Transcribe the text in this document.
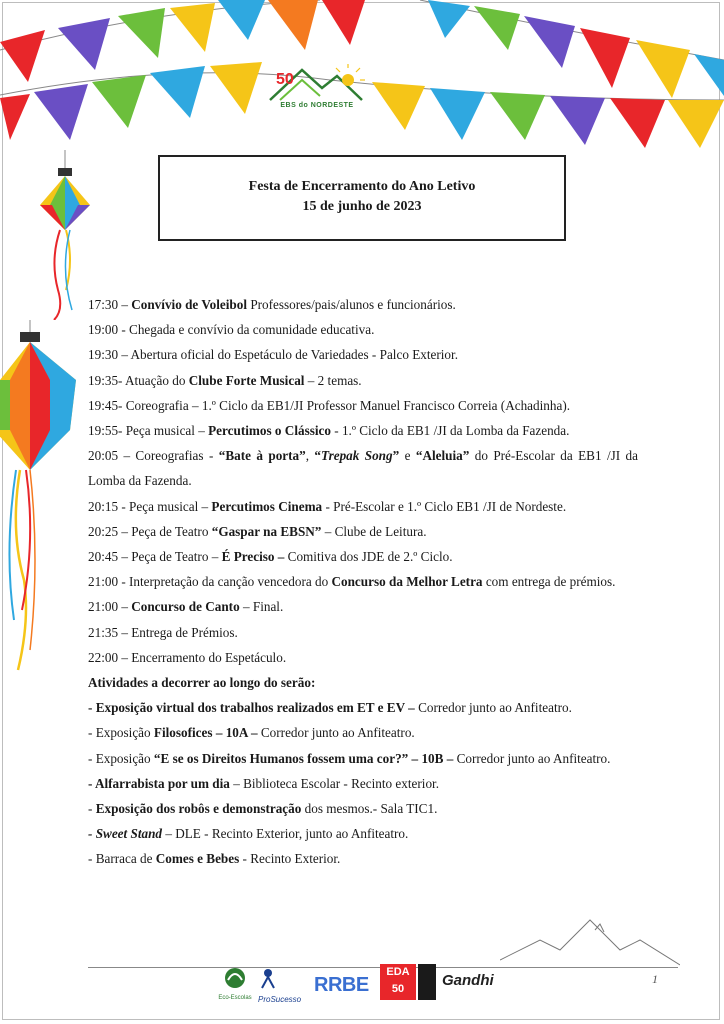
50
EBS do NORDESTE
Festa de Encerramento do Ano Letivo
15 de junho de 2023

17:30 – Convívio de Voleibol Professores/pais/alunos e funcionários.

19:00 - Chegada e convívio da comunidade educativa.

19:30 – Abertura oficial do Espetáculo de Variedades - Palco Exterior.

19:35- Atuação do Clube Forte Musical – 2 temas.

19:45- Coreografia – 1.º Ciclo da EB1/JI Professor Manuel Francisco Correia (Achadinha).

19:55- Peça musical – Percutimos o Clássico - 1.º Ciclo da EB1 /JI da Lomba da Fazenda.

20:05 – Coreografias - “Bate à porta”, “Trepak Song” e “Aleluia” do Pré-Escolar da EB1 /JI da Lomba da Fazenda.

20:15 - Peça musical – Percutimos Cinema - Pré-Escolar e 1.º Ciclo EB1 /JI de Nordeste.

20:25 – Peça de Teatro “Gaspar na EBSN” – Clube de Leitura.

20:45 – Peça de Teatro – É Preciso – Comitiva dos JDE de 2.º Ciclo.

21:00 - Interpretação da canção vencedora do Concurso da Melhor Letra com entrega de prémios.

21:00 – Concurso de Canto – Final.

21:35 – Entrega de Prémios.

22:00 – Encerramento do Espetáculo.

Atividades a decorrer ao longo do serão:

- Exposição virtual dos trabalhos realizados em ET e EV – Corredor junto ao Anfiteatro.

- Exposição Filosofices – 10A – Corredor junto ao Anfiteatro.

- Exposição “E se os Direitos Humanos fossem uma cor?” – 10B – Corredor junto ao Anfiteatro.

- Alfarrabista por um dia – Biblioteca Escolar - Recinto exterior.

- Exposição dos robôs e demonstração dos mesmos.- Sala TIC1.

- Sweet Stand – DLE - Recinto Exterior, junto ao Anfiteatro.

- Barraca de Comes e Bebes - Recinto Exterior.

1
Eco-Escolas ProSucesso
RRBE
EDA 50	Gandhi
